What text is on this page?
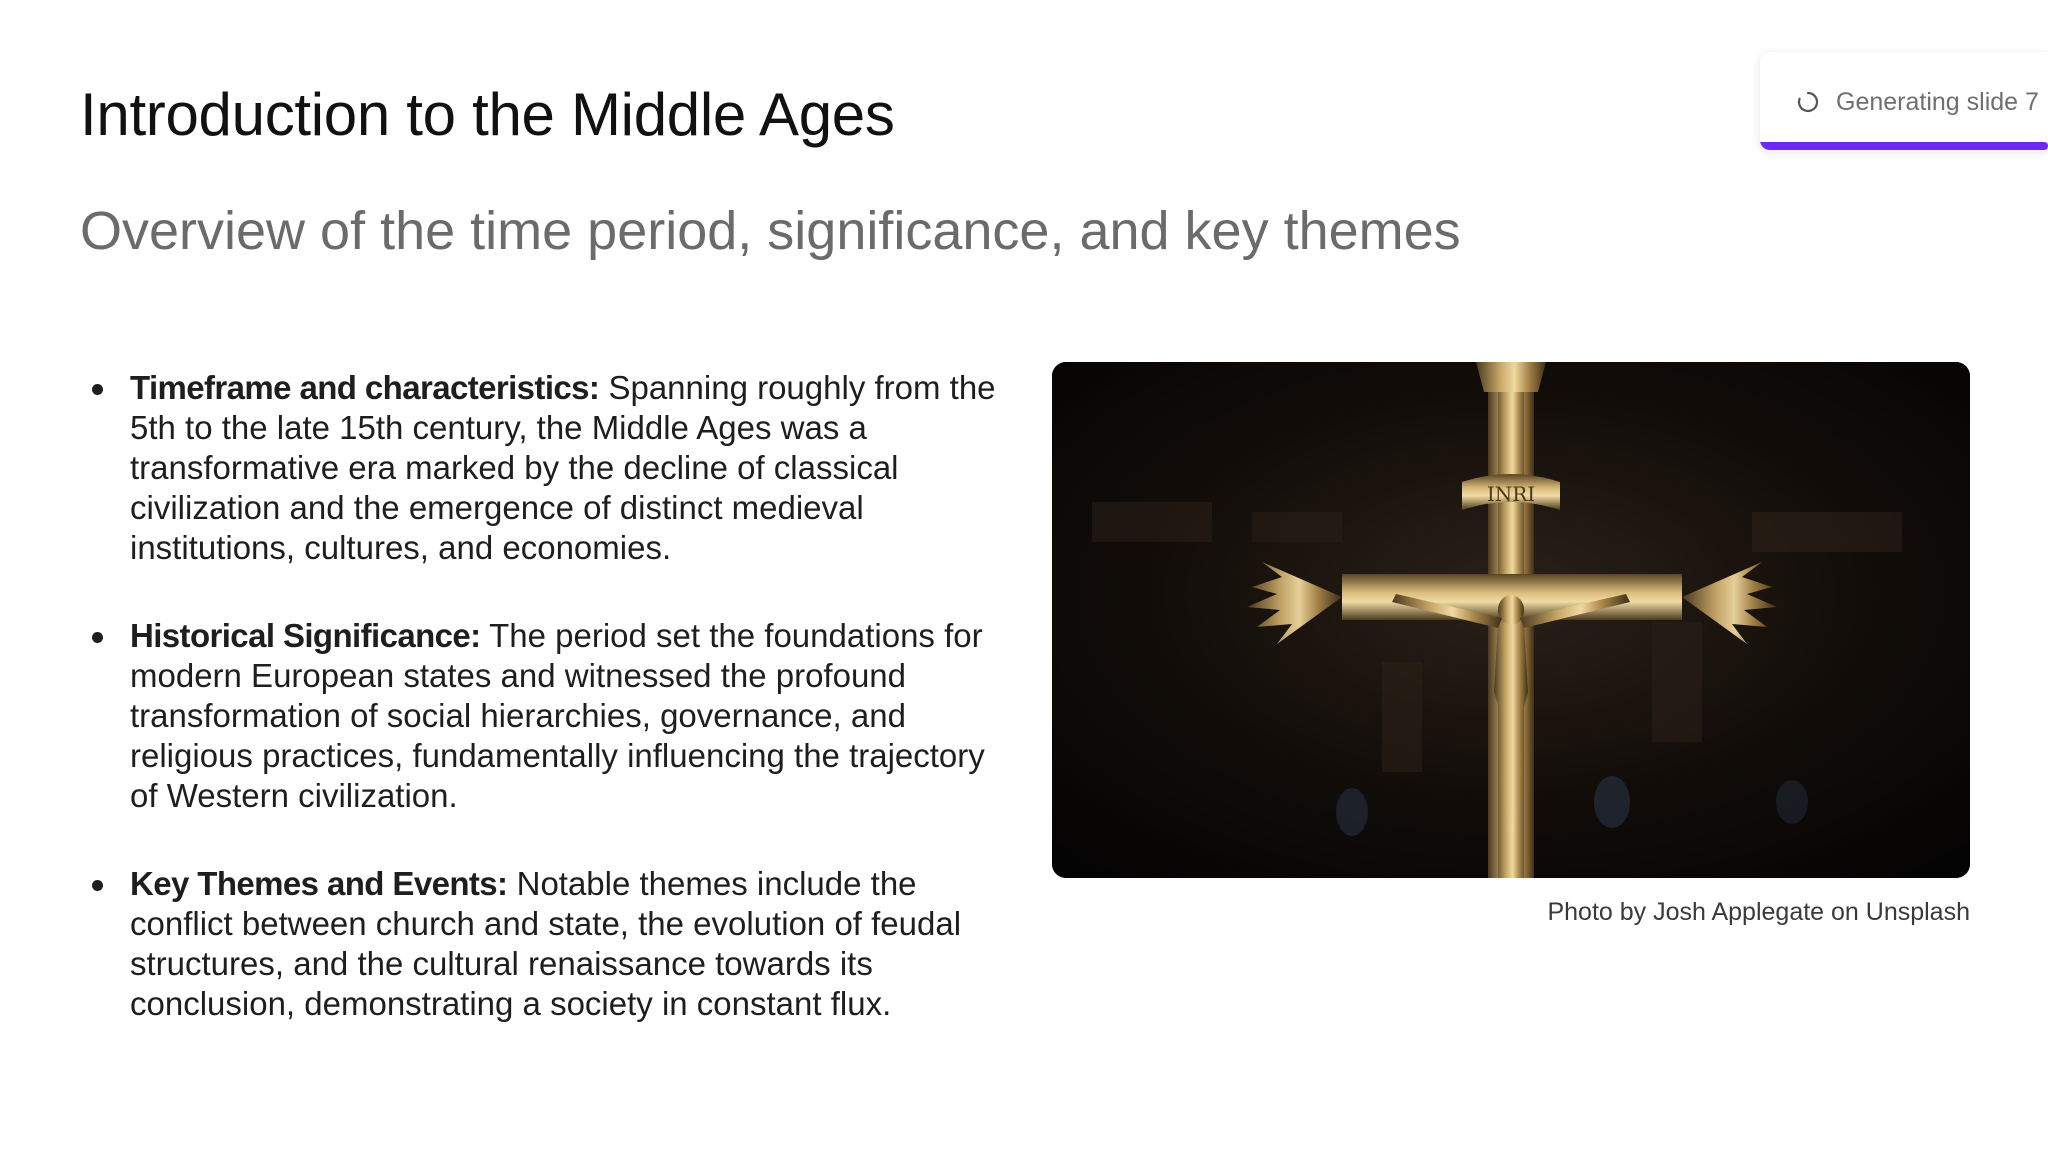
Introduction to the Middle Ages
Overview of the time period, significance, and key themes
Timeframe and characteristics: Spanning roughly from the 5th to the late 15th century, the Middle Ages was a transformative era marked by the decline of classical civilization and the emergence of distinct medieval institutions, cultures, and economies.
Historical Significance: The period set the foundations for modern European states and witnessed the profound transformation of social hierarchies, governance, and religious practices, fundamentally influencing the trajectory of Western civilization.
Key Themes and Events: Notable themes include the conflict between church and state, the evolution of feudal structures, and the cultural renaissance towards its conclusion, demonstrating a society in constant flux.
INRI
Photo by Josh Applegate on Unsplash
Generating slide 7
